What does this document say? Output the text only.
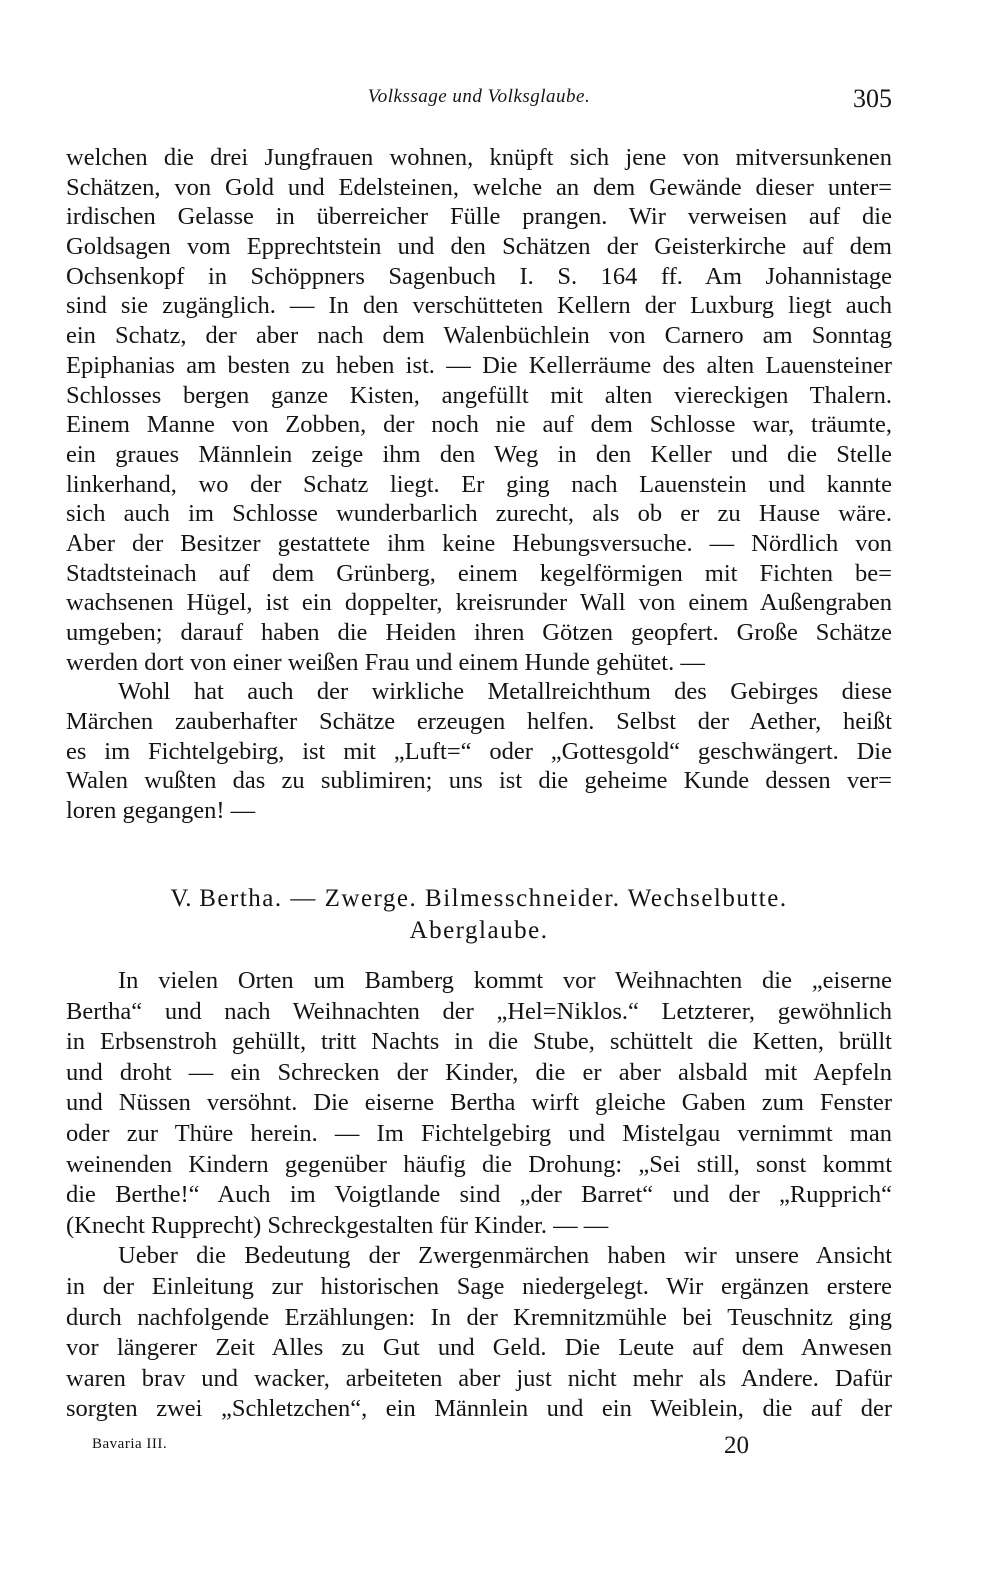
Volkssage und Volksglaube.	305
welchen die drei Jungfrauen wohnen, knüpft sich jene von mitversunkenen
Schätzen, von Gold und Edelsteinen, welche an dem Gewände dieser unter=
irdischen Gelasse in überreicher Fülle prangen. Wir verweisen auf die
Goldsagen vom Epprechtstein und den Schätzen der Geisterkirche auf dem
Ochsenkopf in Schöppners Sagenbuch I. S. 164 ff. Am Johannistage
sind sie zugänglich. — In den verschütteten Kellern der Luxburg liegt auch
ein Schatz, der aber nach dem Walenbüchlein von Carnero am Sonntag
Epiphanias am besten zu heben ist. — Die Kellerräume des alten Lauensteiner
Schlosses bergen ganze Kisten, angefüllt mit alten viereckigen Thalern.
Einem Manne von Zobben, der noch nie auf dem Schlosse war, träumte,
ein graues Männlein zeige ihm den Weg in den Keller und die Stelle
linkerhand, wo der Schatz liegt. Er ging nach Lauenstein und kannte
sich auch im Schlosse wunderbarlich zurecht, als ob er zu Hause wäre.
Aber der Besitzer gestattete ihm keine Hebungsversuche. — Nördlich von
Stadtsteinach auf dem Grünberg, einem kegelförmigen mit Fichten be=
wachsenen Hügel, ist ein doppelter, kreisrunder Wall von einem Außengraben
umgeben; darauf haben die Heiden ihren Götzen geopfert. Große Schätze
werden dort von einer weißen Frau und einem Hunde gehütet. —
Wohl hat auch der wirkliche Metallreichthum des Gebirges diese
Märchen zauberhafter Schätze erzeugen helfen. Selbst der Aether, heißt
es im Fichtelgebirg, ist mit „Luft=“ oder „Gottesgold“ geschwängert. Die
Walen wußten das zu sublimiren; uns ist die geheime Kunde dessen ver=
loren gegangen! —
V. Bertha. — Zwerge. Bilmesschneider. Wechselbutte.
Aberglaube.
In vielen Orten um Bamberg kommt vor Weihnachten die „eiserne
Bertha“ und nach Weihnachten der „Hel=Niklos.“ Letzterer, gewöhnlich
in Erbsenstroh gehüllt, tritt Nachts in die Stube, schüttelt die Ketten, brüllt
und droht — ein Schrecken der Kinder, die er aber alsbald mit Aepfeln
und Nüssen versöhnt. Die eiserne Bertha wirft gleiche Gaben zum Fenster
oder zur Thüre herein. — Im Fichtelgebirg und Mistelgau vernimmt man
weinenden Kindern gegenüber häufig die Drohung: „Sei still, sonst kommt
die Berthe!“ Auch im Voigtlande sind „der Barret“ und der „Rupprich“
(Knecht Rupprecht) Schreckgestalten für Kinder. — —
Ueber die Bedeutung der Zwergenmärchen haben wir unsere Ansicht
in der Einleitung zur historischen Sage niedergelegt. Wir ergänzen erstere
durch nachfolgende Erzählungen: In der Kremnitzmühle bei Teuschnitz ging
vor längerer Zeit Alles zu Gut und Geld. Die Leute auf dem Anwesen
waren brav und wacker, arbeiteten aber just nicht mehr als Andere. Dafür
sorgten zwei „Schletzchen“, ein Männlein und ein Weiblein, die auf der
Bavaria III.	20
